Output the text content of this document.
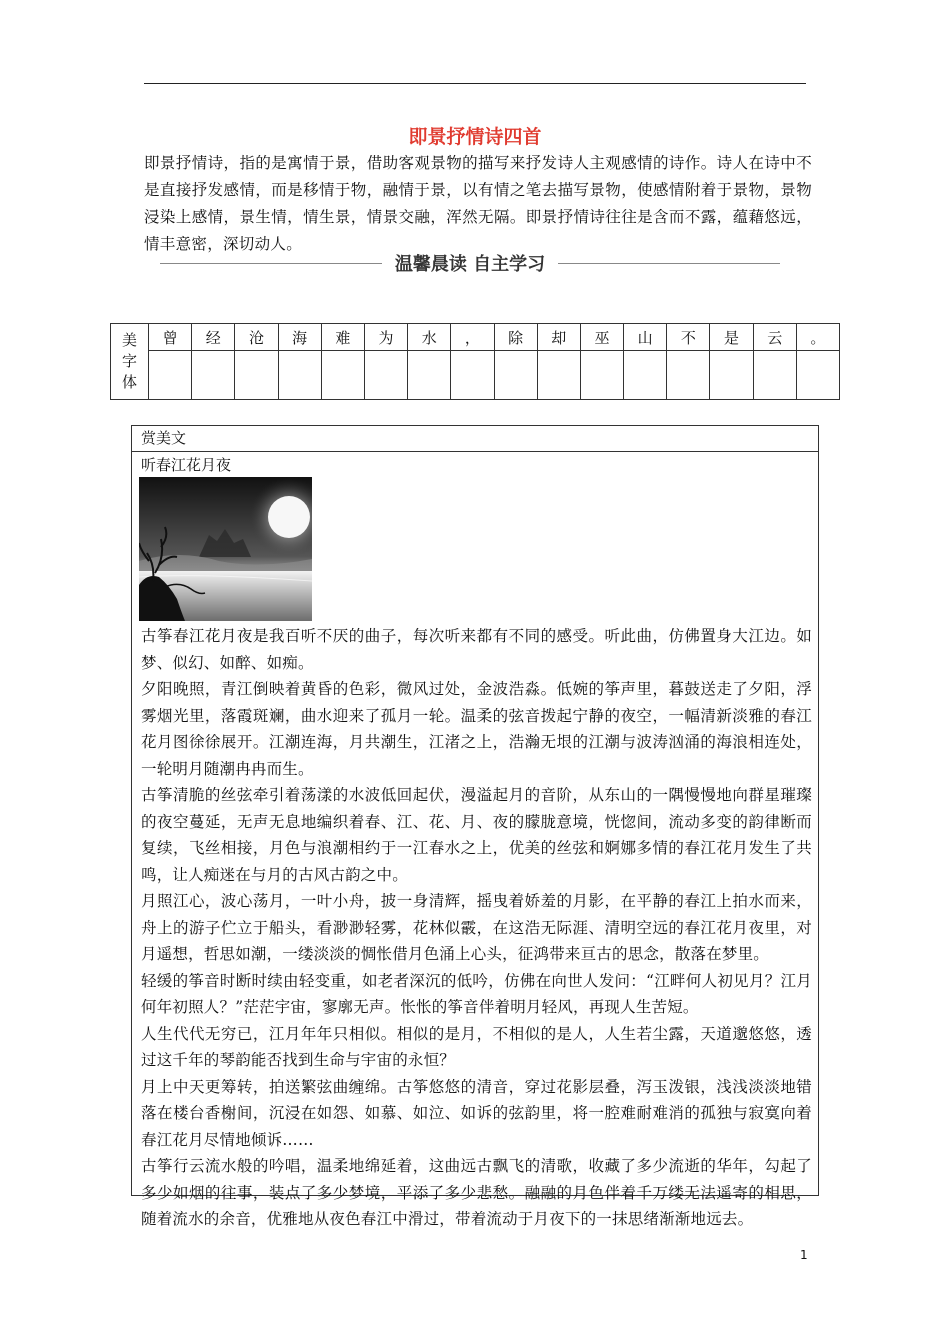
即景抒情诗四首
即景抒情诗，指的是寓情于景，借助客观景物的描写来抒发诗人主观感情的诗作。诗人在诗中不是直接抒发感情，而是移情于物，融情于景，以有情之笔去描写景物，使感情附着于景物，景物浸染上感情，景生情，情生景，情景交融，浑然无隔。即景抒情诗往往是含而不露，蕴藉悠远，情丰意密，深切动人。
温馨晨读 自主学习
美
字
体	曾	经	沧	海	难	为	水	，	除	却	巫	山	不	是	云	。

赏美文
听春江花月夜

古筝春江花月夜是我百听不厌的曲子，每次听来都有不同的感受。听此曲，仿佛置身大江边。如梦、似幻、如醉、如痴。

夕阳晚照，青江倒映着黄昏的色彩，微风过处，金波浩淼。低婉的筝声里，暮鼓送走了夕阳，浮雾烟光里，落霞斑斓，曲水迎来了孤月一轮。温柔的弦音拨起宁静的夜空，一幅清新淡雅的春江花月图徐徐展开。江潮连海，月共潮生，江渚之上，浩瀚无垠的江潮与波涛汹涌的海浪相连处，一轮明月随潮冉冉而生。

古筝清脆的丝弦牵引着荡漾的水波低回起伏，漫溢起月的音阶，从东山的一隅慢慢地向群星璀璨的夜空蔓延，无声无息地编织着春、江、花、月、夜的朦胧意境，恍惚间，流动多变的韵律断而复续，飞丝相接，月色与浪潮相约于一江春水之上，优美的丝弦和婀娜多情的春江花月发生了共鸣，让人痴迷在与月的古风古韵之中。

月照江心，波心荡月，一叶小舟，披一身清辉，摇曳着娇羞的月影，在平静的春江上拍水而来，舟上的游子伫立于船头，看渺渺轻雾，花林似霰，在这浩无际涯、清明空远的春江花月夜里，对月遥想，哲思如潮，一缕淡淡的惆怅借月色涌上心头，征鸿带来亘古的思念，散落在梦里。

轻缓的筝音时断时续由轻变重，如老者深沉的低吟，仿佛在向世人发问：“江畔何人初见月？江月何年初照人？”茫茫宇宙，寥廓无声。怅怅的筝音伴着明月轻风，再现人生苦短。

人生代代无穷已，江月年年只相似。相似的是月，不相似的是人，人生若尘露，天道邈悠悠，透过这千年的琴韵能否找到生命与宇宙的永恒？

月上中天更筹转，拍送繁弦曲缠绵。古筝悠悠的清音，穿过花影层叠，泻玉泼银，浅浅淡淡地错落在楼台香榭间，沉浸在如怨、如慕、如泣、如诉的弦韵里，将一腔难耐难消的孤独与寂寞向着春江花月尽情地倾诉……

古筝行云流水般的吟唱，温柔地绵延着，这曲远古飘飞的清歌，收藏了多少流逝的华年，勾起了多少如烟的往事，装点了多少梦境，平添了多少悲愁。融融的月色伴着千万缕无法遥寄的相思，随着流水的余音，优雅地从夜色春江中滑过，带着流动于月夜下的一抹思绪渐渐地远去。

1
